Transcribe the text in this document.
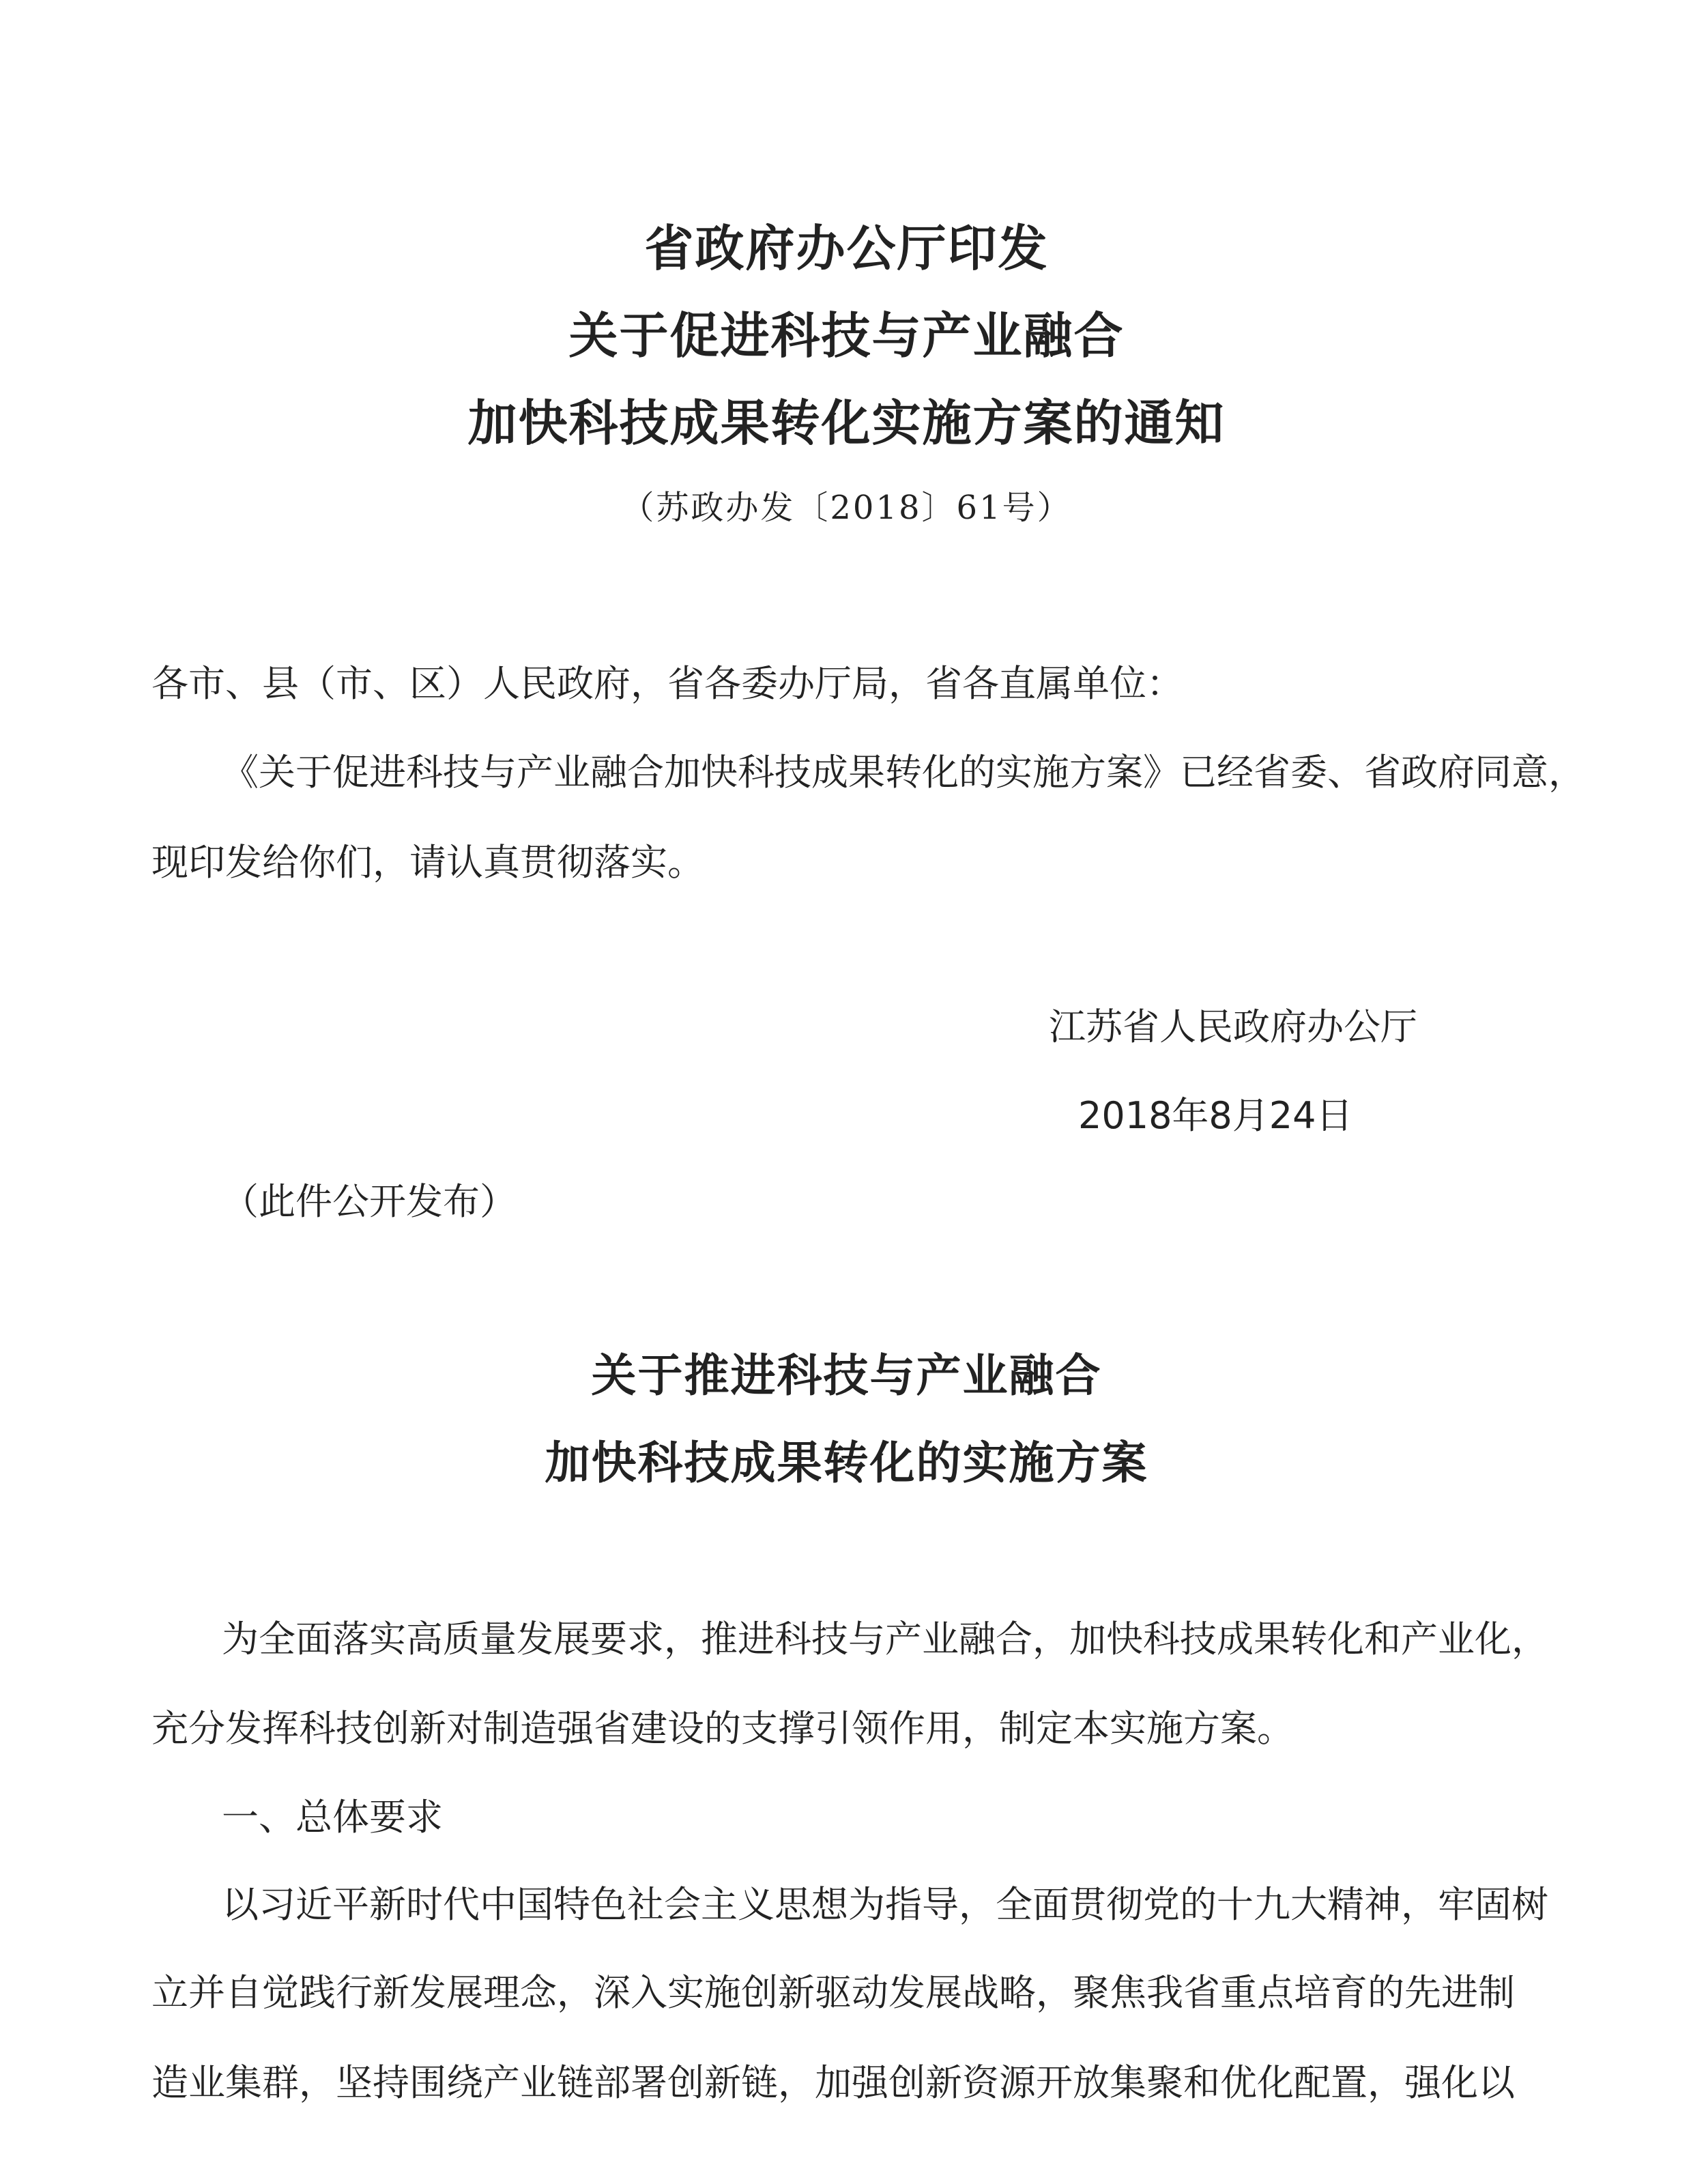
省政府办公厅印发
关于促进科技与产业融合
加快科技成果转化实施方案的通知
（苏政办发〔2018〕61号）
各市、县（市、区）人民政府，省各委办厅局，省各直属单位：
《关于促进科技与产业融合加快科技成果转化的实施方案》已经省委、省政府同意，
现印发给你们，请认真贯彻落实。
江苏省人民政府办公厅
2018年8月24日
（此件公开发布）
关于推进科技与产业融合
加快科技成果转化的实施方案
为全面落实高质量发展要求，推进科技与产业融合，加快科技成果转化和产业化，
充分发挥科技创新对制造强省建设的支撑引领作用，制定本实施方案。
一、总体要求
以习近平新时代中国特色社会主义思想为指导，全面贯彻党的十九大精神，牢固树
立并自觉践行新发展理念，深入实施创新驱动发展战略，聚焦我省重点培育的先进制
造业集群，坚持围绕产业链部署创新链，加强创新资源开放集聚和优化配置，强化以
